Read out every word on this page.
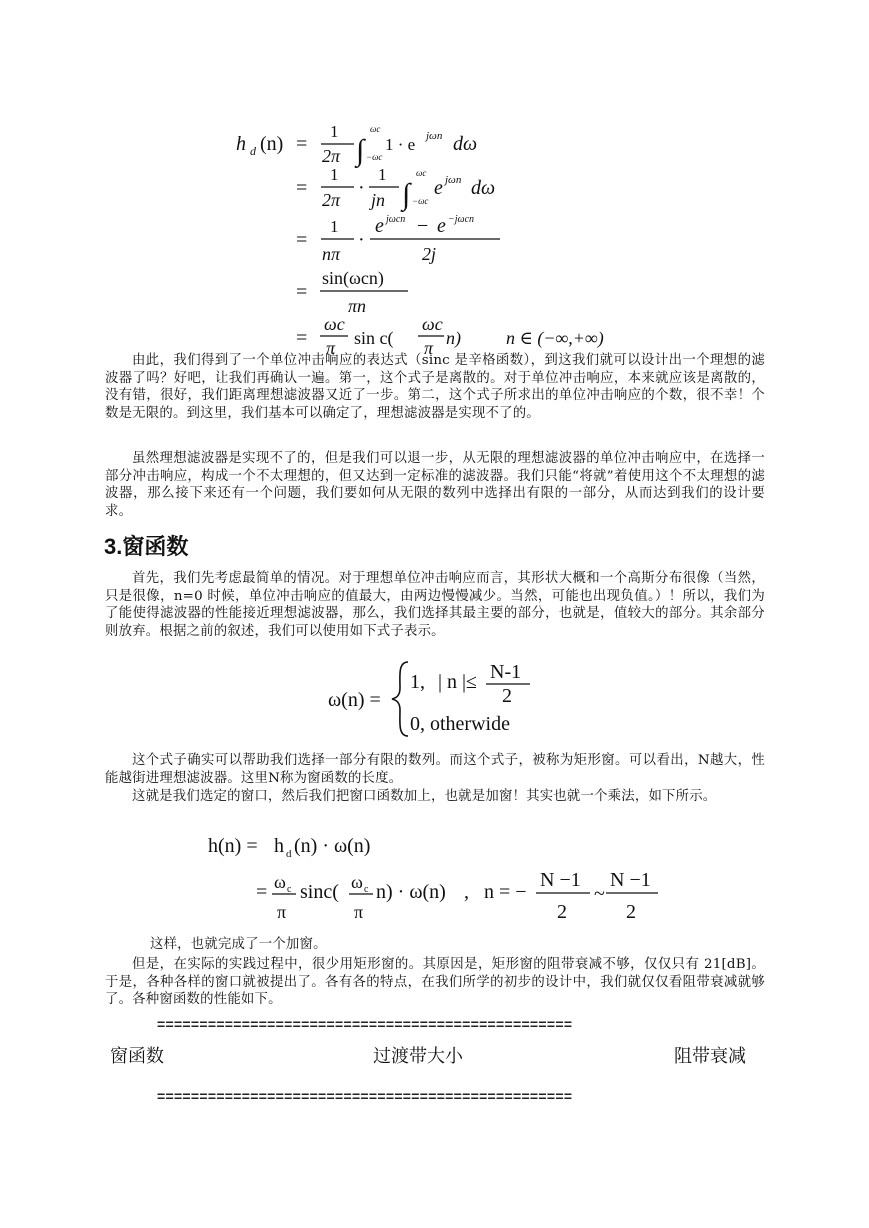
h d (n) =
1
2π ∫
ωc
−ωc
1 · e jωn dω
=
1
2π
·
1
jn ∫
ωc
−ωc
e jωn dω
=
1
nπ
·
e jωcn − e −jωcn
2j
=
sin(ωcn)
πn
=
ωc
π sin c(
ωc
π n)	n ∈ (−∞,+∞)

由此，我们得到了一个单位冲击响应的表达式（sinc 是辛格函数），到这我们就可以设计出一个理想的滤波器了吗？好吧，让我们再确认一遍。第一，这个式子是离散的。对于单位冲击响应，本来就应该是离散的，没有错，很好，我们距离理想滤波器又近了一步。第二，这个式子所求出的单位冲击响应的个数，很不幸！个数是无限的。到这里，我们基本可以确定了，理想滤波器是实现不了的。

虽然理想滤波器是实现不了的，但是我们可以退一步，从无限的理想滤波器的单位冲击响应中，在选择一部分冲击响应，构成一个不太理想的，但又达到一定标准的滤波器。我们只能“将就”着使用这个不太理想的滤波器，那么接下来还有一个问题，我们要如何从无限的数列中选择出有限的一部分，从而达到我们的设计要求。

3.窗函数

首先，我们先考虑最简单的情况。对于理想单位冲击响应而言，其形状大概和一个高斯分布很像（当然，只是很像，n=0 时候，单位冲击响应的值最大，由两边慢慢减少。当然，可能也出现负值。）！所以，我们为了能使得滤波器的性能接近理想滤波器，那么，我们选择其最主要的部分，也就是，值较大的部分。其余部分则放弃。根据之前的叙述，我们可以使用如下式子表示。

ω(n) =
1, | n |≤ N-1
2
0, otherwide

这个式子确实可以帮助我们选择一部分有限的数列。而这个式子，被称为矩形窗。可以看出，N越大，性能越街进理想滤波器。这里N称为窗函数的长度。

这就是我们选定的窗口，然后我们把窗口函数加上，也就是加窗！其实也就一个乘法，如下所示。

h(n) = h d (n) · ω(n)
= ω c
π
sinc( ω c
π
n) · ω(n) , n = −
N −1
2
~
N −1
2

这样，也就完成了一个加窗。

但是，在实际的实践过程中，很少用矩形窗的。其原因是，矩形窗的阻带衰减不够，仅仅只有 21[dB]。于是，各种各样的窗口就被提出了。各有各的特点，在我们所学的初步的设计中，我们就仅仅看阻带衰减就够了。各种窗函数的性能如下。

=================================================
窗函数	过渡带大小	阻带衰减
=================================================
